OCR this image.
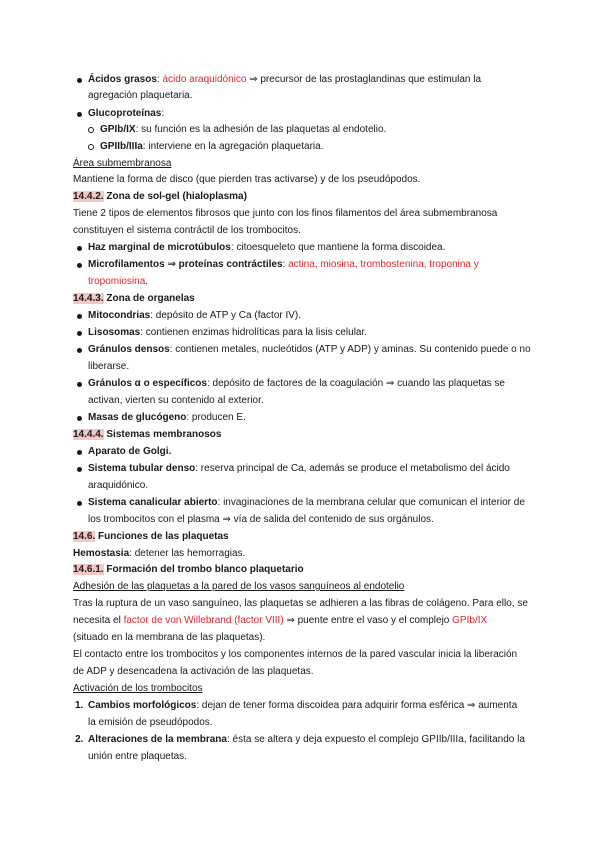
Ácidos grasos: ácido araquidónico ⇒ precursor de las prostaglandinas que estimulan la
agregación plaquetaria.
Glucoproteínas:
GPIb/IX: su función es la adhesión de las plaquetas al endotelio.
GPIIb/IIIa: interviene en la agregación plaquetaria.
Área submembranosa
Mantiene la forma de disco (que pierden tras activarse) y de los pseudópodos.
14.4.2. Zona de sol-gel (hialoplasma)
Tiene 2 tipos de elementos fibrosos que junto con los finos filamentos del área submembranosa
constituyen el sistema contráctil de los trombocitos.
Haz marginal de microtúbulos: citoesqueleto que mantiene la forma discoidea.
Microfilamentos ⇒ proteínas contráctiles: actina, miosina, trombostenina, troponina y
tropomiosina.
14.4.3. Zona de organelas
Mitocondrias: depósito de ATP y Ca (factor IV).
Lisosomas: contienen enzimas hidrolíticas para la lisis celular.
Gránulos densos: contienen metales, nucleótidos (ATP y ADP) y aminas. Su contenido puede o no
liberarse.
Gránulos α o específicos: depósito de factores de la coagulación ⇒ cuando las plaquetas se
activan, vierten su contenido al exterior.
Masas de glucógeno: producen E.
14.4.4. Sistemas membranosos
Aparato de Golgi.
Sistema tubular denso: reserva principal de Ca, además se produce el metabolismo del ácido
araquidónico.
Sistema canalicular abierto: invaginaciones de la membrana celular que comunican el interior de
los trombocitos con el plasma ⇒ vía de salida del contenido de sus orgánulos.
14.6. Funciones de las plaquetas
Hemostasia: detener las hemorragias.
14.6.1. Formación del trombo blanco plaquetario
Adhesión de las plaquetas a la pared de los vasos sanguíneos al endotelio
Tras la ruptura de un vaso sanguíneo, las plaquetas se adhieren a las fibras de colágeno. Para ello, se
necesita el factor de von Willebrand (factor VIII) ⇒ puente entre el vaso y el complejo GPIb/IX
(situado en la membrana de las plaquetas).
El contacto entre los trombocitos y los componentes internos de la pared vascular inicia la liberación
de ADP y desencadena la activación de las plaquetas.
Activación de los trombocitos
1. Cambios morfológicos: dejan de tener forma discoidea para adquirir forma esférica ⇒ aumenta
la emisión de pseudópodos.
2. Alteraciones de la membrana: ésta se altera y deja expuesto el complejo GPIIb/IIIa, facilitando la
unión entre plaquetas.
